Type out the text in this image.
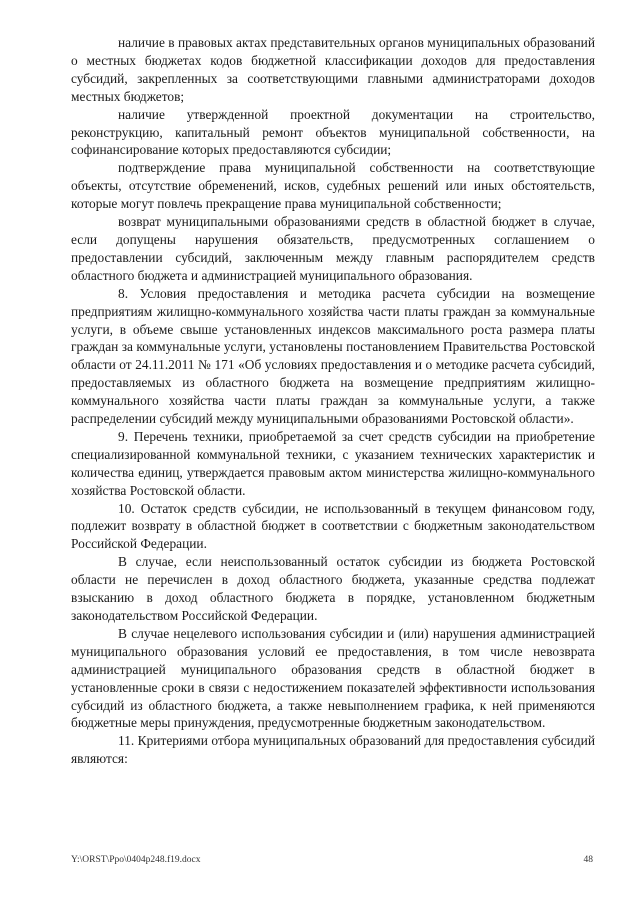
наличие в правовых актах представительных органов муниципальных образований о местных бюджетах кодов бюджетной классификации доходов для предоставления субсидий, закрепленных за соответствующими главными администраторами доходов местных бюджетов;

наличие утвержденной проектной документации на строительство, реконструкцию, капитальный ремонт объектов муниципальной собственности, на софинансирование которых предоставляются субсидии;

подтверждение права муниципальной собственности на соответствующие объекты, отсутствие обременений, исков, судебных решений или иных обстоятельств, которые могут повлечь прекращение права муниципальной собственности;

возврат муниципальными образованиями средств в областной бюджет в случае, если допущены нарушения обязательств, предусмотренных соглашением о предоставлении субсидий, заключенным между главным распорядителем средств областного бюджета и администрацией муниципального образования.

8. Условия предоставления и методика расчета субсидии на возмещение предприятиям жилищно-коммунального хозяйства части платы граждан за коммунальные услуги, в объеме свыше установленных индексов максимального роста размера платы граждан за коммунальные услуги, установлены постановлением Правительства Ростовской области от 24.11.2011 № 171 «Об условиях предоставления и о методике расчета субсидий, предоставляемых из областного бюджета на возмещение предприятиям жилищно-коммунального хозяйства части платы граждан за коммунальные услуги, а также распределении субсидий между муниципальными образованиями Ростовской области».

9. Перечень техники, приобретаемой за счет средств субсидии на приобретение специализированной коммунальной техники, с указанием технических характеристик и количества единиц, утверждается правовым актом министерства жилищно-коммунального хозяйства Ростовской области.

10. Остаток средств субсидии, не использованный в текущем финансовом году, подлежит возврату в областной бюджет в соответствии с бюджетным законодательством Российской Федерации.

В случае, если неиспользованный остаток субсидии из бюджета Ростовской области не перечислен в доход областного бюджета, указанные средства подлежат взысканию в доход областного бюджета в порядке, установленном бюджетным законодательством Российской Федерации.

В случае нецелевого использования субсидии и (или) нарушения администрацией муниципального образования условий ее предоставления, в том числе невозврата администрацией муниципального образования средств в областной бюджет в установленные сроки в связи с недостижением показателей эффективности использования субсидий из областного бюджета, а также невыполнением графика, к ней применяются бюджетные меры принуждения, предусмотренные бюджетным законодательством.

11. Критериями отбора муниципальных образований для предоставления субсидий являются:

Y:\ORST\Ppo\0404p248.f19.docx	48
